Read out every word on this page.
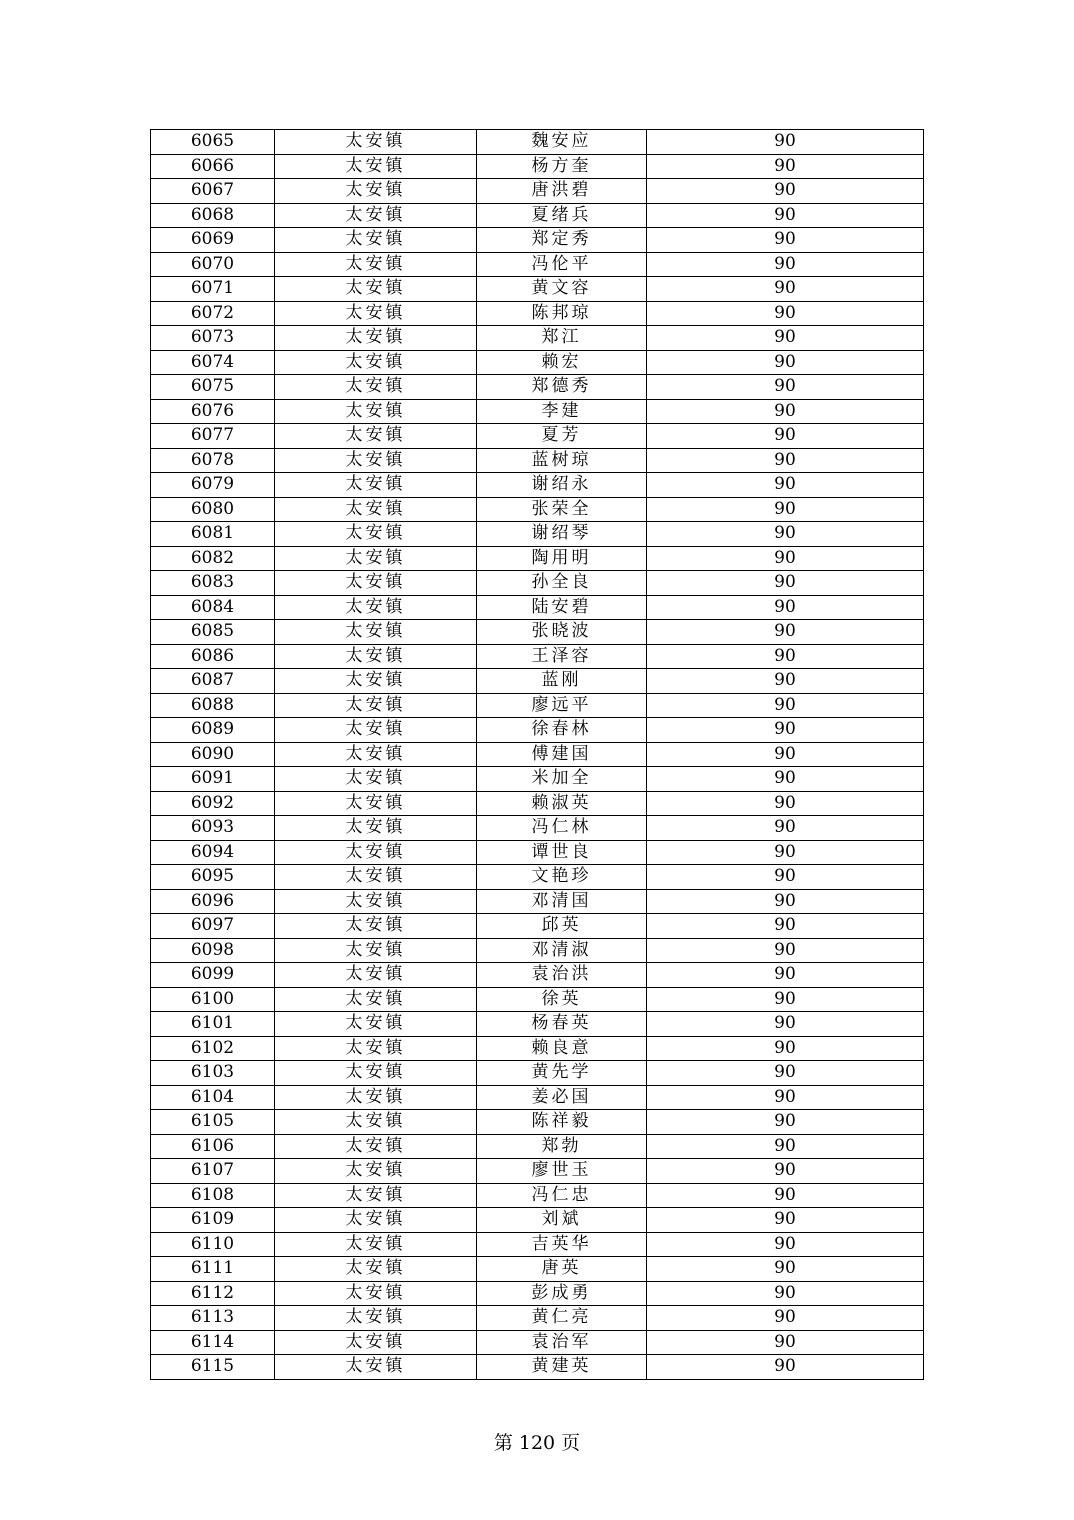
6065	太安镇	魏安应	90
6066	太安镇	杨方奎	90
6067	太安镇	唐洪碧	90
6068	太安镇	夏绪兵	90
6069	太安镇	郑定秀	90
6070	太安镇	冯伦平	90
6071	太安镇	黄文容	90
6072	太安镇	陈邦琼	90
6073	太安镇	郑江	90
6074	太安镇	赖宏	90
6075	太安镇	郑德秀	90
6076	太安镇	李建	90
6077	太安镇	夏芳	90
6078	太安镇	蓝树琼	90
6079	太安镇	谢绍永	90
6080	太安镇	张荣全	90
6081	太安镇	谢绍琴	90
6082	太安镇	陶用明	90
6083	太安镇	孙全良	90
6084	太安镇	陆安碧	90
6085	太安镇	张晓波	90
6086	太安镇	王泽容	90
6087	太安镇	蓝刚	90
6088	太安镇	廖远平	90
6089	太安镇	徐春林	90
6090	太安镇	傅建国	90
6091	太安镇	米加全	90
6092	太安镇	赖淑英	90
6093	太安镇	冯仁林	90
6094	太安镇	谭世良	90
6095	太安镇	文艳珍	90
6096	太安镇	邓清国	90
6097	太安镇	邱英	90
6098	太安镇	邓清淑	90
6099	太安镇	袁治洪	90
6100	太安镇	徐英	90
6101	太安镇	杨春英	90
6102	太安镇	赖良意	90
6103	太安镇	黄先学	90
6104	太安镇	姜必国	90
6105	太安镇	陈祥毅	90
6106	太安镇	郑勃	90
6107	太安镇	廖世玉	90
6108	太安镇	冯仁忠	90
6109	太安镇	刘斌	90
6110	太安镇	吉英华	90
6111	太安镇	唐英	90
6112	太安镇	彭成勇	90
6113	太安镇	黄仁亮	90
6114	太安镇	袁治军	90
6115	太安镇	黄建英	90
第 120 页
